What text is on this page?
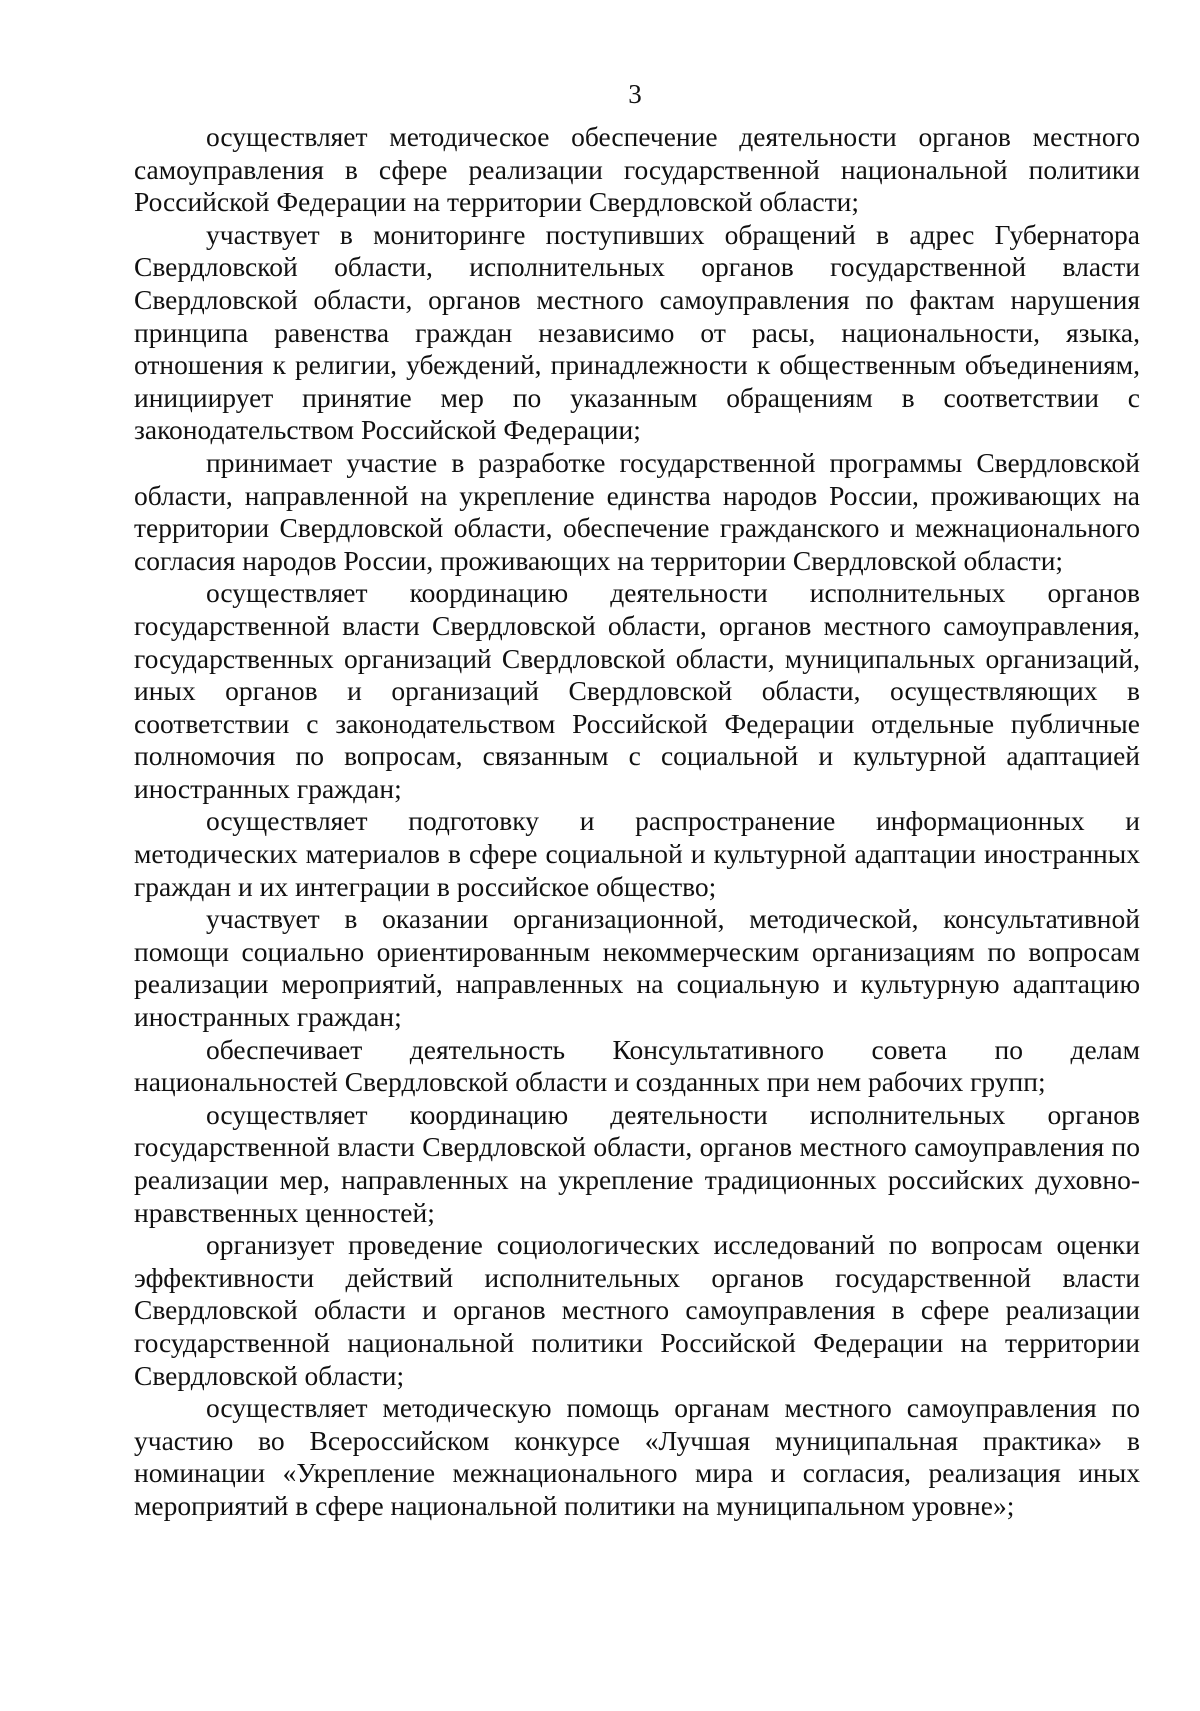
3

осуществляет методическое обеспечение деятельности органов местного самоуправления в сфере реализации государственной национальной политики Российской Федерации на территории Свердловской области;

участвует в мониторинге поступивших обращений в адрес Губернатора Свердловской области, исполнительных органов государственной власти Свердловской области, органов местного самоуправления по фактам нарушения принципа равенства граждан независимо от расы, национальности, языка, отношения к религии, убеждений, принадлежности к общественным объединениям, инициирует принятие мер по указанным обращениям в соответствии с законодательством Российской Федерации;

принимает участие в разработке государственной программы Свердловской области, направленной на укрепление единства народов России, проживающих на территории Свердловской области, обеспечение гражданского и межнационального согласия народов России, проживающих на территории Свердловской области;

осуществляет координацию деятельности исполнительных органов государственной власти Свердловской области, органов местного самоуправления, государственных организаций Свердловской области, муниципальных организаций, иных органов и организаций Свердловской области, осуществляющих в соответствии с законодательством Российской Федерации отдельные публичные полномочия по вопросам, связанным с социальной и культурной адаптацией иностранных граждан;

осуществляет подготовку и распространение информационных и методических материалов в сфере социальной и культурной адаптации иностранных граждан и их интеграции в российское общество;

участвует в оказании организационной, методической, консультативной помощи социально ориентированным некоммерческим организациям по вопросам реализации мероприятий, направленных на социальную и культурную адаптацию иностранных граждан;

обеспечивает деятельность Консультативного совета по делам национальностей Свердловской области и созданных при нем рабочих групп;

осуществляет координацию деятельности исполнительных органов государственной власти Свердловской области, органов местного самоуправления по реализации мер, направленных на укрепление традиционных российских духовно-нравственных ценностей;

организует проведение социологических исследований по вопросам оценки эффективности действий исполнительных органов государственной власти Свердловской области и органов местного самоуправления в сфере реализации государственной национальной политики Российской Федерации на территории Свердловской области;

осуществляет методическую помощь органам местного самоуправления по участию во Всероссийском конкурсе «Лучшая муниципальная практика» в номинации «Укрепление межнационального мира и согласия, реализация иных мероприятий в сфере национальной политики на муниципальном уровне»;
